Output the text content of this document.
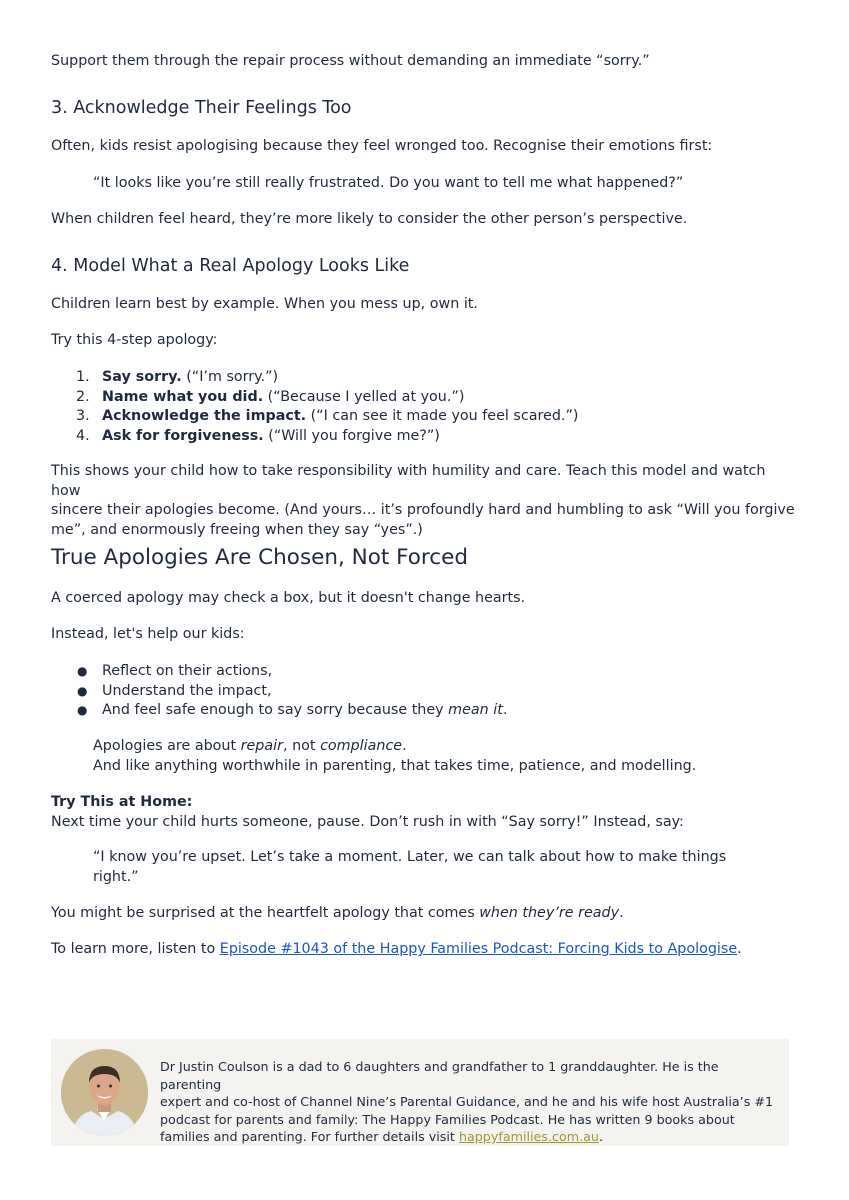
Support them through the repair process without demanding an immediate “sorry.”

3. Acknowledge Their Feelings Too

Often, kids resist apologising because they feel wronged too. Recognise their emotions first:

“It looks like you’re still really frustrated. Do you want to tell me what happened?”

When children feel heard, they’re more likely to consider the other person’s perspective.

4. Model What a Real Apology Looks Like

Children learn best by example. When you mess up, own it.

Try this 4-step apology:

1. Say sorry. (“I’m sorry.”)
2. Name what you did. (“Because I yelled at you.”)
3. Acknowledge the impact. (“I can see it made you feel scared.”)
4. Ask for forgiveness. (“Will you forgive me?”)

This shows your child how to take responsibility with humility and care. Teach this model and watch how

sincere their apologies become. (And yours… it’s profoundly hard and humbling to ask “Will you forgive

me”, and enormously freeing when they say “yes”.)

True Apologies Are Chosen, Not Forced

A coerced apology may check a box, but it doesn't change hearts.

Instead, let's help our kids:

● Reflect on their actions,
● Understand the impact,
● And feel safe enough to say sorry because they mean it.

Apologies are about repair, not compliance.

And like anything worthwhile in parenting, that takes time, patience, and modelling.

Try This at Home:

Next time your child hurts someone, pause. Don’t rush in with “Say sorry!” Instead, say:

“I know you’re upset. Let’s take a moment. Later, we can talk about how to make things

right.”

You might be surprised at the heartfelt apology that comes when they’re ready.

To learn more, listen to Episode #1043 of the Happy Families Podcast: Forcing Kids to Apologise.

Dr Justin Coulson is a dad to 6 daughters and grandfather to 1 granddaughter. He is the parenting
expert and co-host of Channel Nine’s Parental Guidance, and he and his wife host Australia’s #1
podcast for parents and family: The Happy Families Podcast. He has written 9 books about
families and parenting. For further details visit happyfamilies.com.au.
